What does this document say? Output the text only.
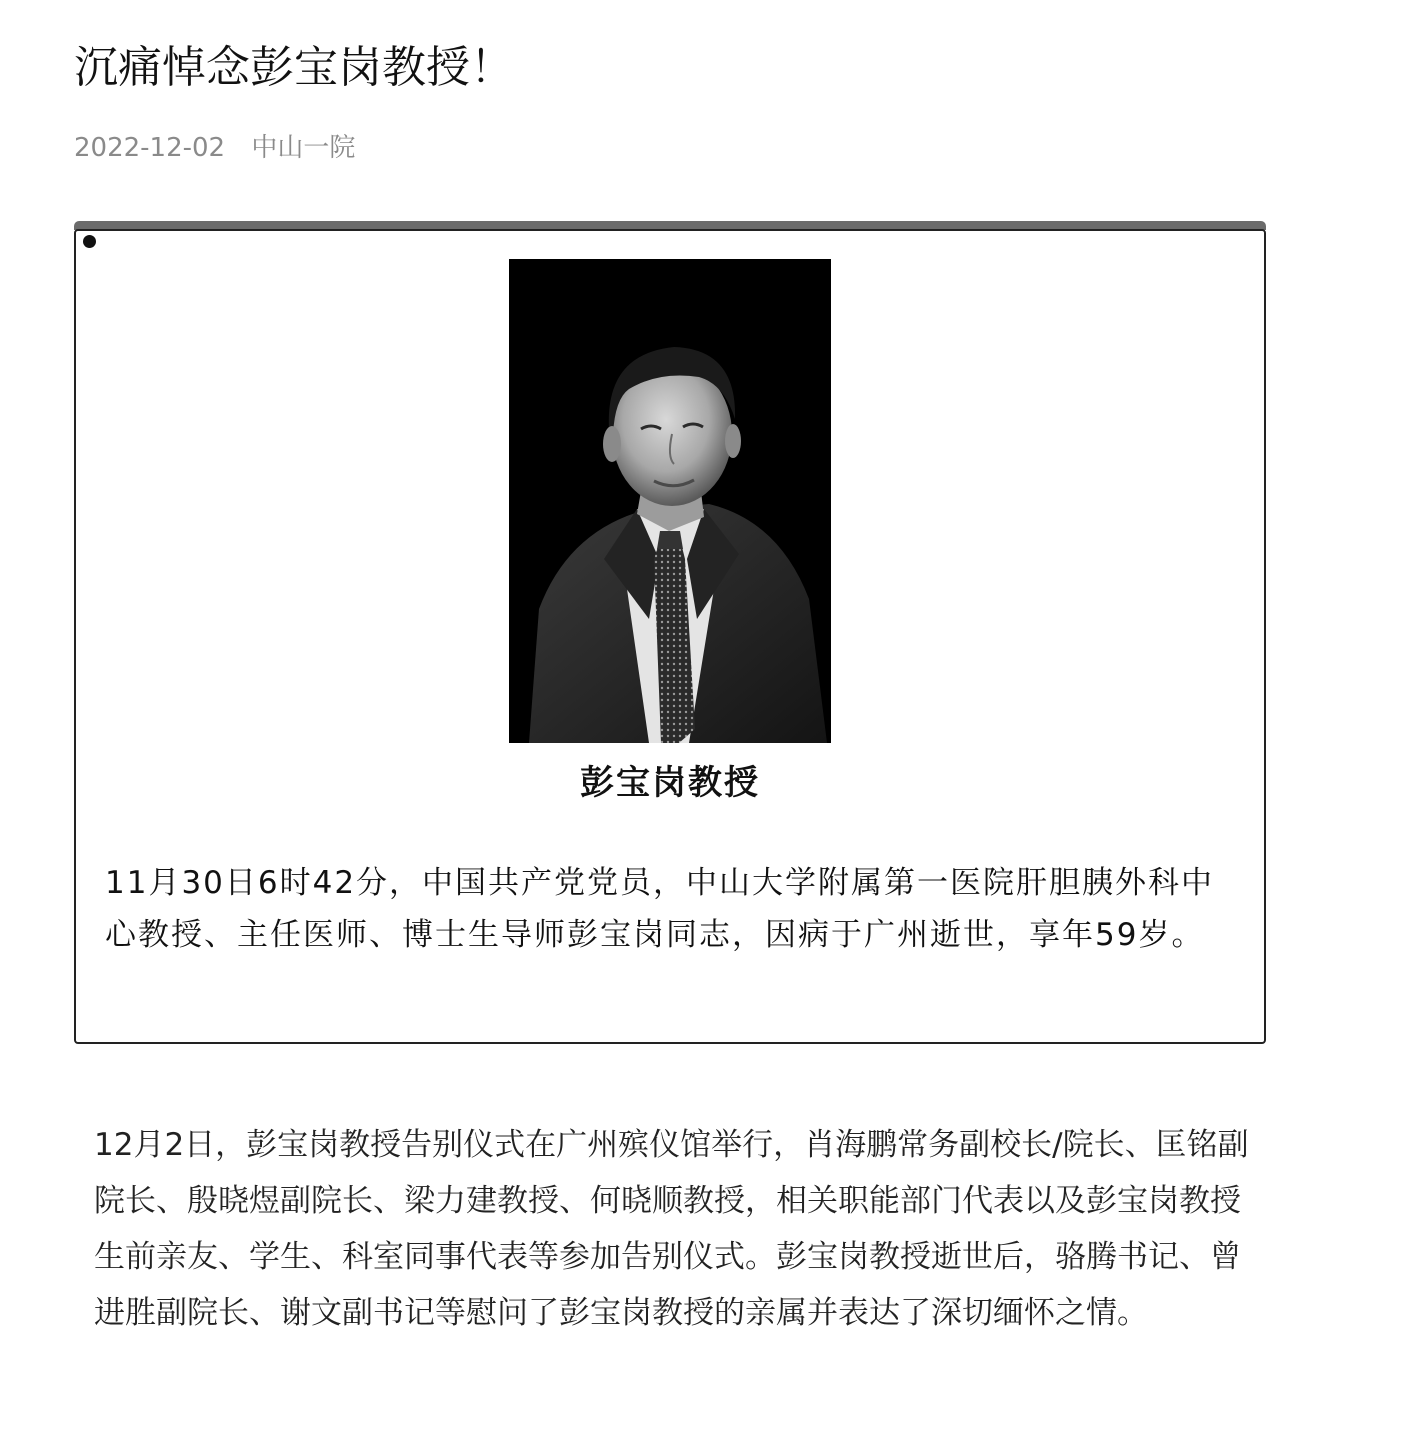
沉痛悼念彭宝岗教授！
2022-12-02 中山一院
彭宝岗教授

11月30日6时42分，中国共产党党员，中山大学附属第一医院肝胆胰外科中心教授、主任医师、博士生导师彭宝岗同志，因病于广州逝世，享年59岁。

12月2日，彭宝岗教授告别仪式在广州殡仪馆举行，肖海鹏常务副校长/院长、匡铭副院长、殷晓煜副院长、梁力建教授、何晓顺教授，相关职能部门代表以及彭宝岗教授生前亲友、学生、科室同事代表等参加告别仪式。彭宝岗教授逝世后，骆腾书记、曾进胜副院长、谢文副书记等慰问了彭宝岗教授的亲属并表达了深切缅怀之情。
